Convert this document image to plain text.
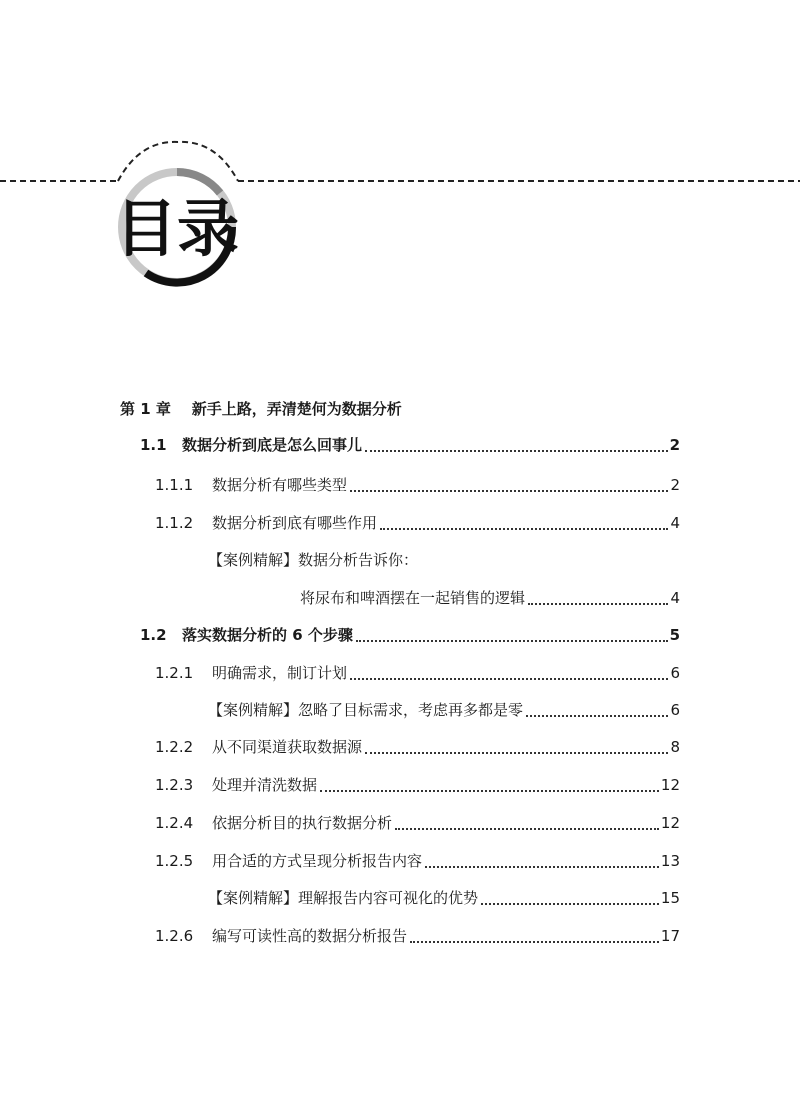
目录
第 1 章 新手上路，弄清楚何为数据分析
1.1	数据分析到底是怎么回事儿	2
1.1.1	数据分析有哪些类型	2
1.1.2	数据分析到底有哪些作用	4
【案例精解】数据分析告诉你：
将尿布和啤酒摆在一起销售的逻辑	4
1.2	落实数据分析的 6 个步骤	5
1.2.1	明确需求，制订计划	6
【案例精解】 忽略了目标需求，考虑再多都是零	6
1.2.2	从不同渠道获取数据源	8
1.2.3	处理并清洗数据	12
1.2.4	依据分析目的执行数据分析	12
1.2.5	用合适的方式呈现分析报告内容	13
【案例精解】 理解报告内容可视化的优势	15
1.2.6	编写可读性高的数据分析报告	17
